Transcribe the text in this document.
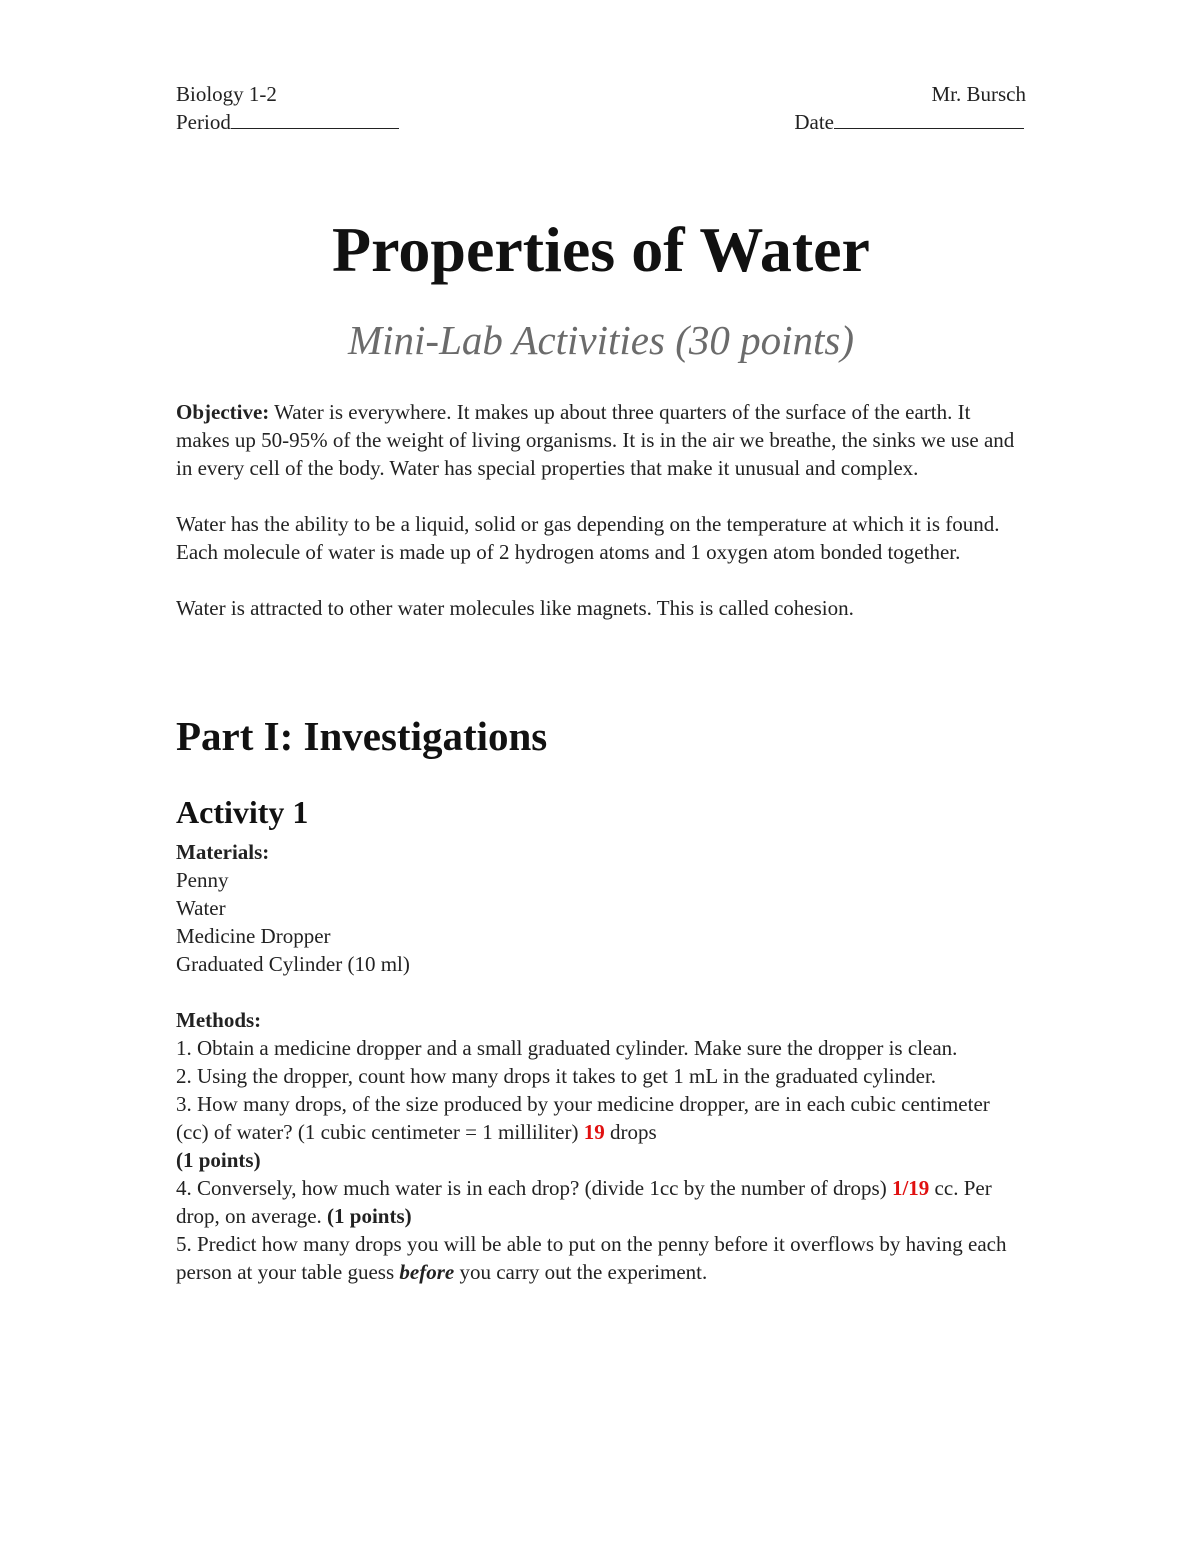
Biology 1-2	Mr. Bursch
Period	Date
Properties of Water
Mini-Lab Activities (30 points)

Objective: Water is everywhere. It makes up about three quarters of the surface of the earth. It makes up 50-95% of the weight of living organisms. It is in the air we breathe, the sinks we use and in every cell of the body. Water has special properties that make it unusual and complex.

Water has the ability to be a liquid, solid or gas depending on the temperature at which it is found. Each molecule of water is made up of 2 hydrogen atoms and 1 oxygen atom bonded together.

Water is attracted to other water molecules like magnets. This is called cohesion.

Part I: Investigations
Activity 1
Materials:
Penny
Water
Medicine Dropper
Graduated Cylinder (10 ml)
Methods:
1. Obtain a medicine dropper and a small graduated cylinder. Make sure the dropper is clean.
2. Using the dropper, count how many drops it takes to get 1 mL in the graduated cylinder.
3. How many drops, of the size produced by your medicine dropper, are in each cubic centimeter (cc) of water? (1 cubic centimeter = 1 milliliter) 19 drops
(1 points)
4. Conversely, how much water is in each drop? (divide 1cc by the number of drops) 1/19 cc. Per drop, on average. (1 points)
5. Predict how many drops you will be able to put on the penny before it overflows by having each person at your table guess before you carry out the experiment.
